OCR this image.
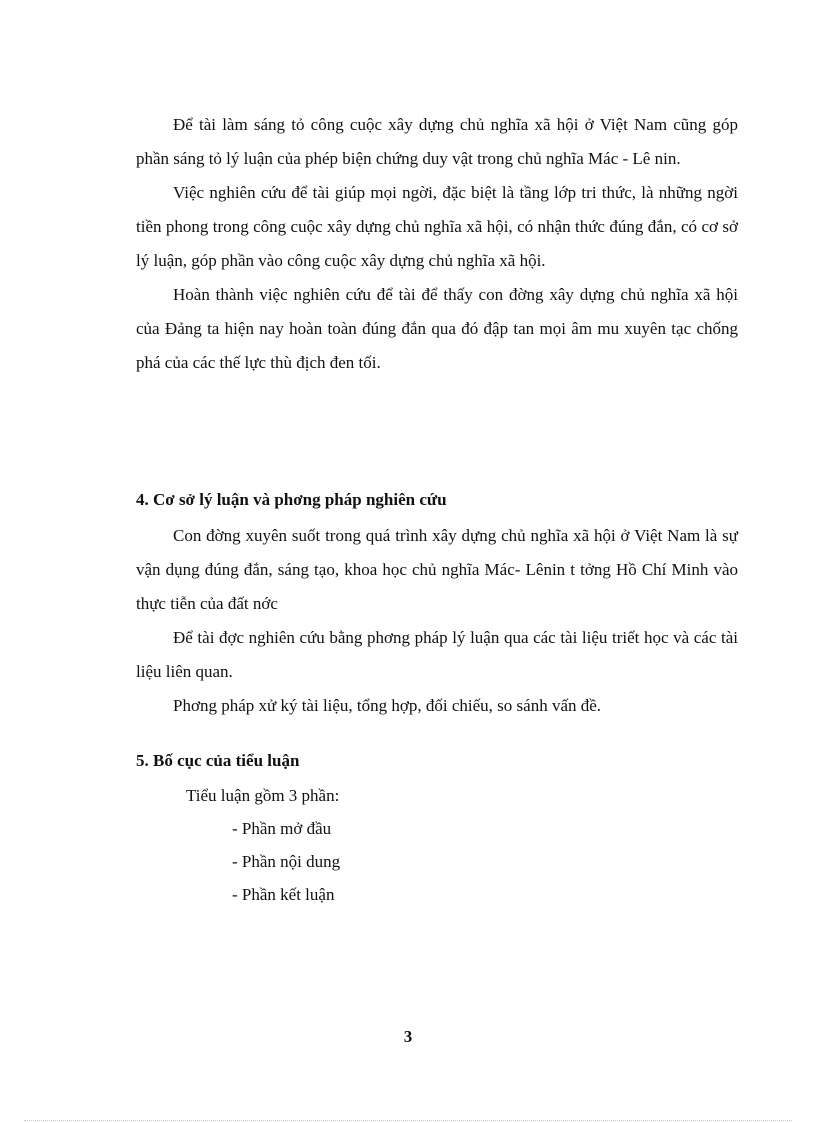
Để tài làm sáng tỏ công cuộc xây dựng chủ nghĩa xã hội ở Việt Nam cũng góp phần sáng tỏ lý luận của phép biện chứng duy vật trong chủ nghĩa Mác - Lê nin.

Việc nghiên cứu để tài giúp mọi ngời, đặc biệt là tầng lớp tri thức, là những ngời tiền phong trong công cuộc xây dựng chủ nghĩa xã hội, có nhận thức đúng đắn, có cơ sở lý luận, góp phần vào công cuộc xây dựng chủ nghĩa xã hội.

Hoàn thành việc nghiên cứu để tài để thấy con đờng xây dựng chủ nghĩa xã hội của Đảng ta hiện nay hoàn toàn đúng đắn qua đó đập tan mọi âm mu xuyên tạc chống phá của các thế lực thù địch đen tối.

4. Cơ sở lý luận và phơng pháp nghiên cứu

Con đờng xuyên suốt trong quá trình xây dựng chủ nghĩa xã hội ở Việt Nam là sự vận dụng đúng đắn, sáng tạo, khoa học chủ nghĩa Mác- Lênin t tởng Hồ Chí Minh vào thực tiễn của đất nớc

Để tài đợc nghiên cứu bằng phơng pháp lý luận qua các tài liệu triết học và các tài liệu liên quan.

Phơng pháp xử ký tài liệu, tổng hợp, đối chiếu, so sánh vấn đề.

5. Bố cục của tiểu luận

Tiểu luận gồm 3 phần:

- Phần mở đầu
- Phần nội dung
- Phần kết luận
3
